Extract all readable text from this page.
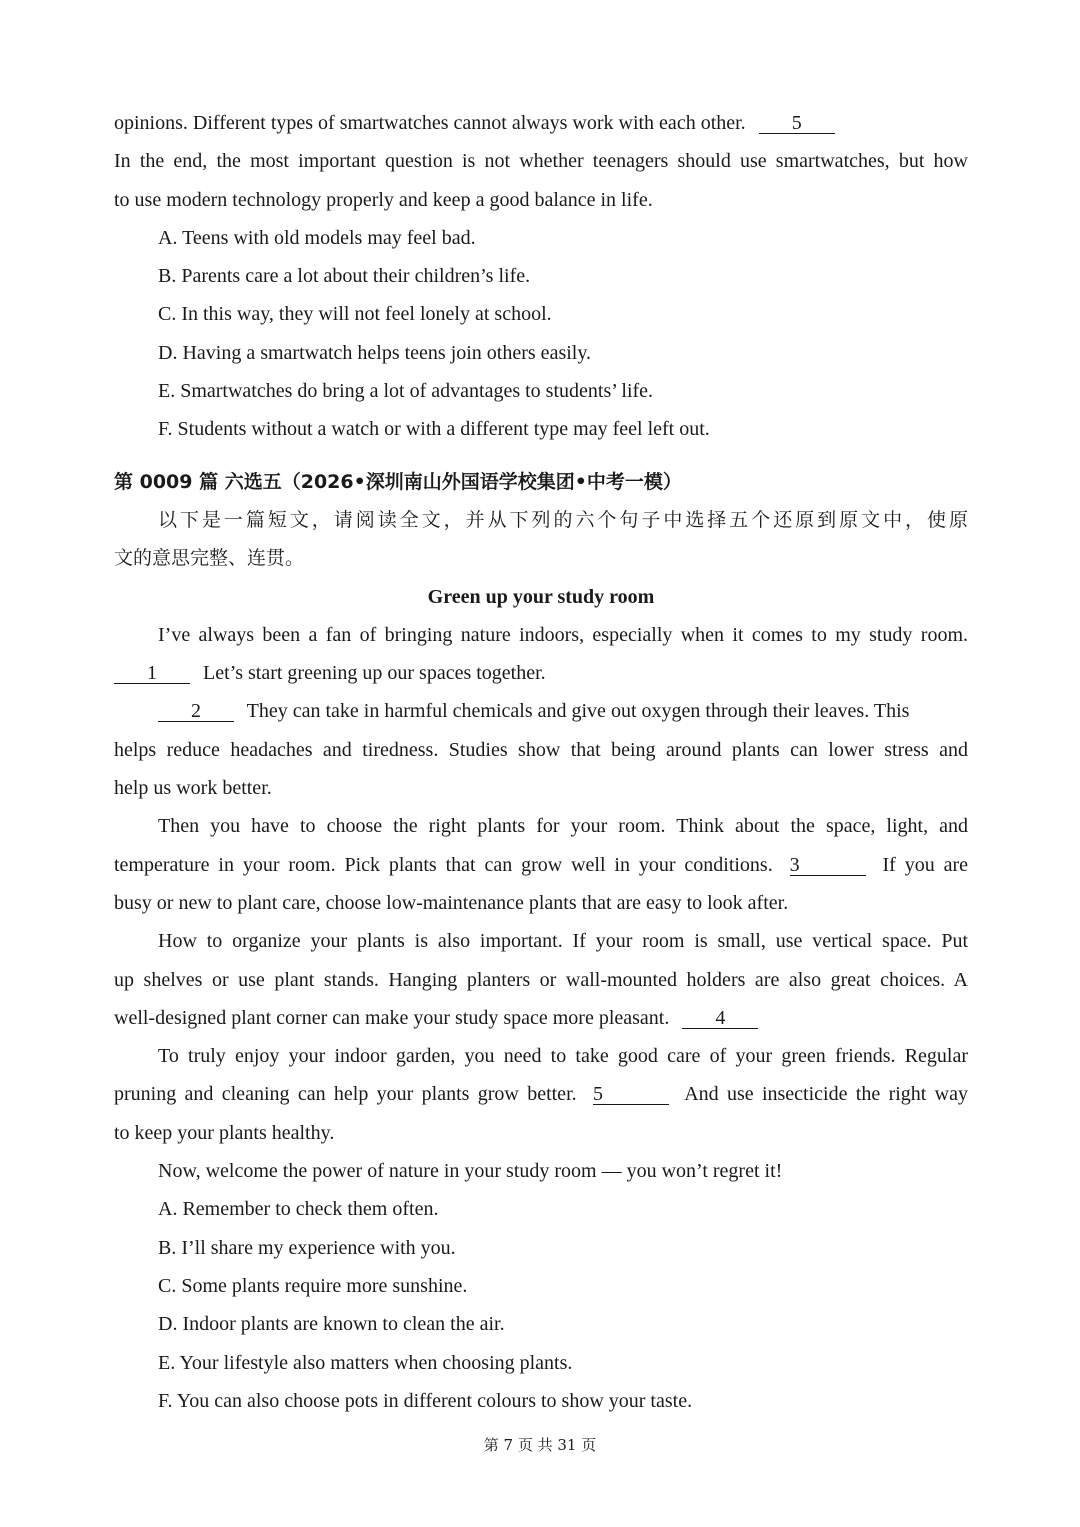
opinions. Different types of smartwatches cannot always work with each other. 5
In the end, the most important question is not whether teenagers should use smartwatches, but how
to use modern technology properly and keep a good balance in life.
A. Teens with old models may feel bad.
B. Parents care a lot about their children’s life.
C. In this way, they will not feel lonely at school.
D. Having a smartwatch helps teens join others easily.
E. Smartwatches do bring a lot of advantages to students’ life.
F. Students without a watch or with a different type may feel left out.
第 0009 篇 六选五（2026•深圳南山外国语学校集团•中考一模）
以下是一篇短文，请阅读全文，并从下列的六个句子中选择五个还原到原文中，使原
文的意思完整、连贯。
Green up your study room
I’ve always been a fan of bringing nature indoors, especially when it comes to my study room.
1 Let’s start greening up our spaces together.
2 They can take in harmful chemicals and give out oxygen through their leaves. This
helps reduce headaches and tiredness. Studies show that being around plants can lower stress and
help us work better.
Then you have to choose the right plants for your room. Think about the space, light, and
temperature in your room. Pick plants that can grow well in your conditions. 3	If you are
busy or new to plant care, choose low-maintenance plants that are easy to look after.
How to organize your plants is also important. If your room is small, use vertical space. Put
up shelves or use plant stands. Hanging planters or wall-mounted holders are also great choices. A
well-designed plant corner can make your study space more pleasant. 4
To truly enjoy your indoor garden, you need to take good care of your green friends. Regular
pruning and cleaning can help your plants grow better. 5	And use insecticide the right way
to keep your plants healthy.
Now, welcome the power of nature in your study room — you won’t regret it!
A. Remember to check them often.
B. I’ll share my experience with you.
C. Some plants require more sunshine.
D. Indoor plants are known to clean the air.
E. Your lifestyle also matters when choosing plants.
F. You can also choose pots in different colours to show your taste.
第 7 页 共 31 页
